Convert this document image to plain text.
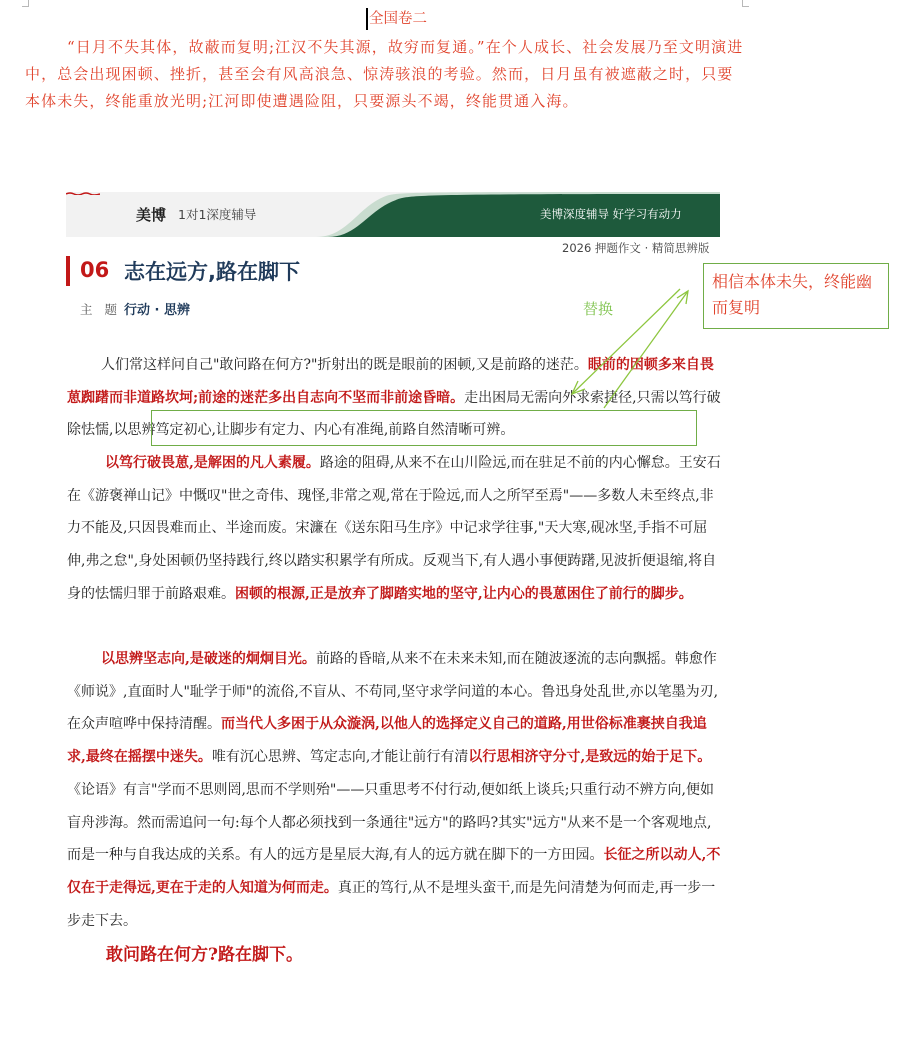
全国卷二

“日月不失其体，故蔽而复明;江汉不失其源，故穷而复通。”在个人成长、社会发展乃至文明演进中，总会出现困顿、挫折，甚至会有风高浪急、惊涛骇浪的考验。然而，日月虽有被遮蔽之时，只要本体未失，终能重放光明;江河即使遭遇险阻，只要源头不竭，终能贯通入海。

美博 1对1深度辅导	美博深度辅导 好学习有动力
2026 押题作文 · 精简思辨版
06 志在远方,路在脚下
主 题 行动 · 思辨	替换
相信本体未失，终能幽而复明

人们常这样问自己"敢问路在何方?"折射出的既是眼前的困顿,又是前路的迷茫。眼前的困顿多来自畏葸踟躇而非道路坎坷;前途的迷茫多出自志向不坚而非前途昏暗。走出困局无需向外求索捷径,只需以笃行破除怯懦,以思辨笃定初心,让脚步有定力、内心有准绳,前路自然清晰可辨。

以笃行破畏葸,是解困的凡人素履。路途的阻碍,从来不在山川险远,而在驻足不前的内心懈怠。王安石在《游褒禅山记》中慨叹"世之奇伟、瑰怪,非常之观,常在于险远,而人之所罕至焉"——多数人未至终点,非力不能及,只因畏难而止、半途而废。宋濂在《送东阳马生序》中记求学往事,"天大寒,砚冰坚,手指不可屈伸,弗之怠",身处困顿仍坚持践行,终以踏实积累学有所成。反观当下,有人遇小事便踌躇,见波折便退缩,将自身的怯懦归罪于前路艰难。困顿的根源,正是放弃了脚踏实地的坚守,让内心的畏葸困住了前行的脚步。

以思辨坚志向,是破迷的炯炯目光。前路的昏暗,从来不在未来未知,而在随波逐流的志向飘摇。韩愈作《师说》,直面时人"耻学于师"的流俗,不盲从、不苟同,坚守求学问道的本心。鲁迅身处乱世,亦以笔墨为刃,在众声喧哗中保持清醒。而当代人多困于从众漩涡,以他人的选择定义自己的道路,用世俗标准裹挟自我追求,最终在摇摆中迷失。唯有沉心思辨、笃定志向,才能让前行有清以行思相济守分寸,是致远的始于足下。《论语》有言"学而不思则罔,思而不学则殆"——只重思考不付行动,便如纸上谈兵;只重行动不辨方向,便如盲舟涉海。然而需追问一句:每个人都必须找到一条通往"远方"的路吗?其实"远方"从来不是一个客观地点,而是一种与自我达成的关系。有人的远方是星辰大海,有人的远方就在脚下的一方田园。长征之所以动人,不仅在于走得远,更在于走的人知道为何而走。真正的笃行,从不是埋头蛮干,而是先问清楚为何而走,再一步一步走下去。

敢问路在何方?路在脚下。
